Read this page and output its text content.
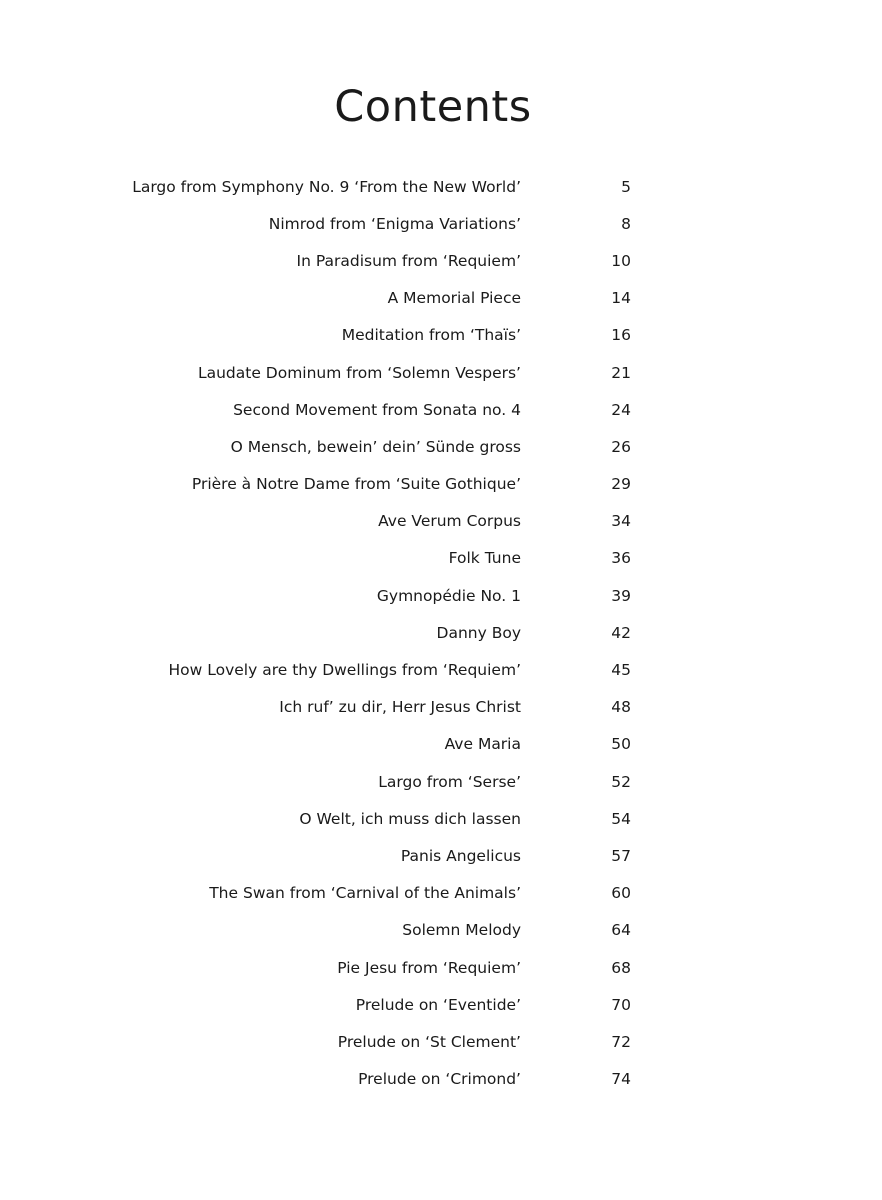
Contents
Largo from Symphony No. 9 ‘From the New World’	5
Nimrod from ‘Enigma Variations’	8
In Paradisum from ‘Requiem’	10
A Memorial Piece	14
Meditation from ‘Thaïs’	16
Laudate Dominum from ‘Solemn Vespers’	21
Second Movement from Sonata no. 4	24
O Mensch, bewein’ dein’ Sünde gross	26
Prière à Notre Dame from ‘Suite Gothique’	29
Ave Verum Corpus	34
Folk Tune	36
Gymnopédie No. 1	39
Danny Boy	42
How Lovely are thy Dwellings from ‘Requiem’	45
Ich ruf’ zu dir, Herr Jesus Christ	48
Ave Maria	50
Largo from ‘Serse’	52
O Welt, ich muss dich lassen	54
Panis Angelicus	57
The Swan from ‘Carnival of the Animals’	60
Solemn Melody	64
Pie Jesu from ‘Requiem’	68
Prelude on ‘Eventide’	70
Prelude on ‘St Clement’	72
Prelude on ‘Crimond’	74
